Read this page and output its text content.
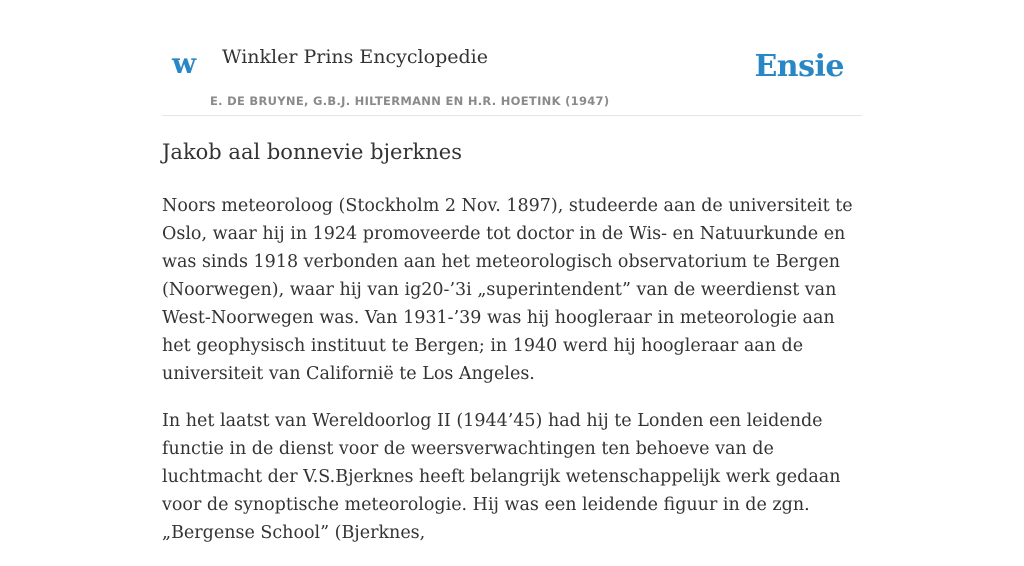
w Winkler Prins Encyclopedie
E. DE BRUYNE, G.B.J. HILTERMANN EN H.R. HOETINK (1947)
Ensie
Jakob aal bonnevie bjerknes

Noors meteoroloog (Stockholm 2 Nov. 1897), studeerde aan de universiteit te Oslo, waar hij in 1924 promoveerde tot doctor in de Wis- en Natuurkunde en was sinds 1918 verbonden aan het meteorologisch observatorium te Bergen (Noorwegen), waar hij van ig20-’3i „superintendent” van de weerdienst van West-Noorwegen was. Van 1931-’39 was hij hoogleraar in meteorologie aan het geophysisch instituut te Bergen; in 1940 werd hij hoogleraar aan de universiteit van Californië te Los Angeles.

In het laatst van Wereldoorlog II (1944’45) had hij te Londen een leidende functie in de dienst voor de weersverwachtingen ten behoeve van de luchtmacht der V.S.Bjerknes heeft belangrijk wetenschappelijk werk gedaan voor de synoptische meteorologie. Hij was een leidende figuur in de zgn. „Bergense School” (Bjerknes,
